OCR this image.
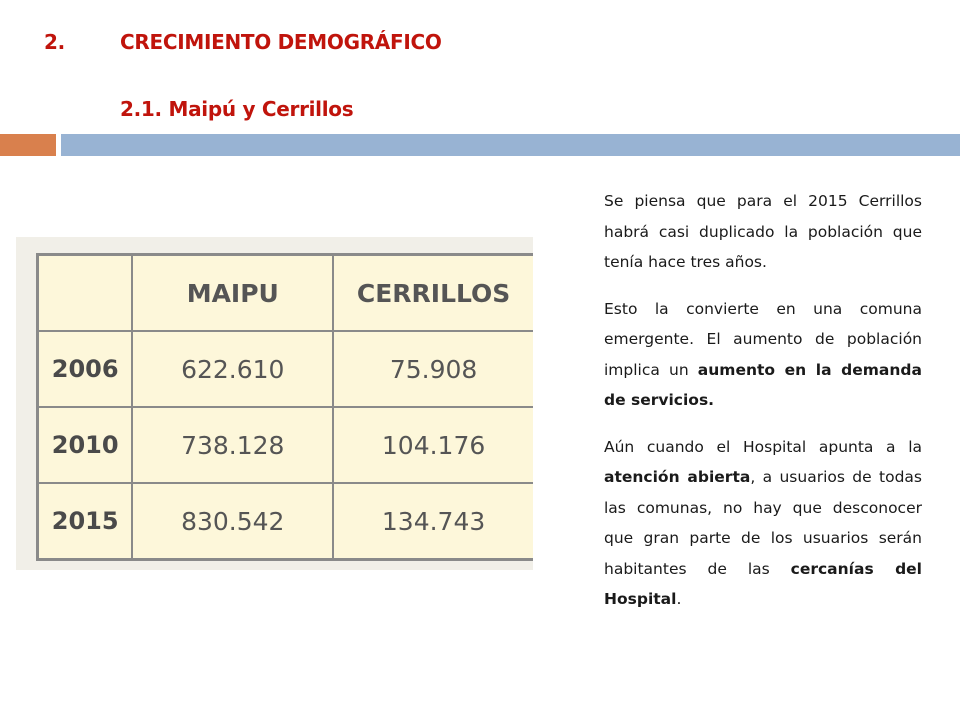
2.	CRECIMIENTO DEMOGRÁFICO
2.1. Maipú y Cerrillos
	MAIPU	CERRILLOS
2006	622.610	75.908
2010	738.128	104.176
2015	830.542	134.743

Se piensa que para el 2015 Cerrillos habrá casi duplicado la población que tenía hace tres años.

Esto la convierte en una comuna emergente. El aumento de población implica un aumento en la demanda de servicios.

Aún cuando el Hospital apunta a la atención abierta, a usuarios de todas las comunas, no hay que desconocer que gran parte de los usuarios serán habitantes de las cercanías del Hospital.
